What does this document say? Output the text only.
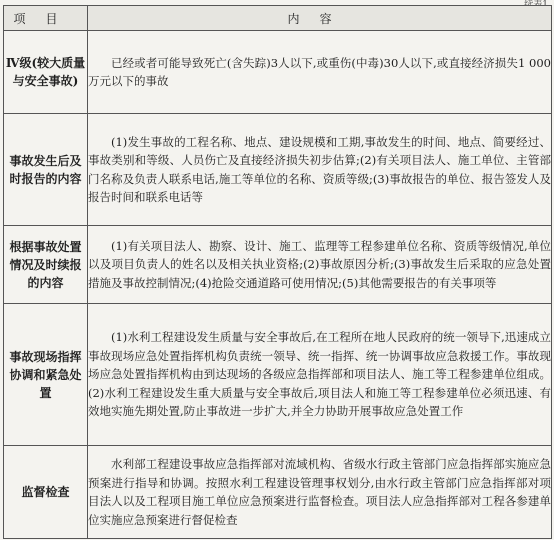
项目	内容
Ⅳ级(较大质量与安全事故)	已经或者可能导致死亡(含失踪)3人以下,或重伤(中毒)30人以下,或直接经济损失1 000万元以下的事故

事故发生后及时报告的内容	(1)发生事故的工程名称、地点、建设规模和工期,事故发生的时间、地点、简要经过、事故类别和等级、人员伤亡及直接经济损失初步估算;(2)有关项目法人、施工单位、主管部门名称及负责人联系电话,施工等单位的名称、资质等级;(3)事故报告的单位、报告签发人及报告时间和联系电话等

根据事故处置情况及时续报的内容	(1)有关项目法人、勘察、设计、施工、监理等工程参建单位名称、资质等级情况,单位以及项目负责人的姓名以及相关执业资格;(2)事故原因分析;(3)事故发生后采取的应急处置措施及事故控制情况;(4)抢险交通道路可使用情况;(5)其他需要报告的有关事项等

事故现场指挥协调和紧急处置	(1)水利工程建设发生质量与安全事故后,在工程所在地人民政府的统一领导下,迅速成立事故现场应急处置指挥机构负责统一领导、统一指挥、统一协调事故应急救援工作。事故现场应急处置指挥机构由到达现场的各级应急指挥部和项目法人、施工等工程参建单位组成。(2)水利工程建设发生重大质量与安全事故后,项目法人和施工等工程参建单位必须迅速、有效地实施先期处置,防止事故进一步扩大,并全力协助开展事故应急处置工作

监督检查	水利部工程建设事故应急指挥部对流域机构、省级水行政主管部门应急指挥部实施应急预案进行指导和协调。按照水利工程建设管理事权划分,由水行政主管部门应急指挥部对项目法人以及工程项目施工单位应急预案进行监督检查。项目法人应急指挥部对工程各参建单位实施应急预案进行督促检查
